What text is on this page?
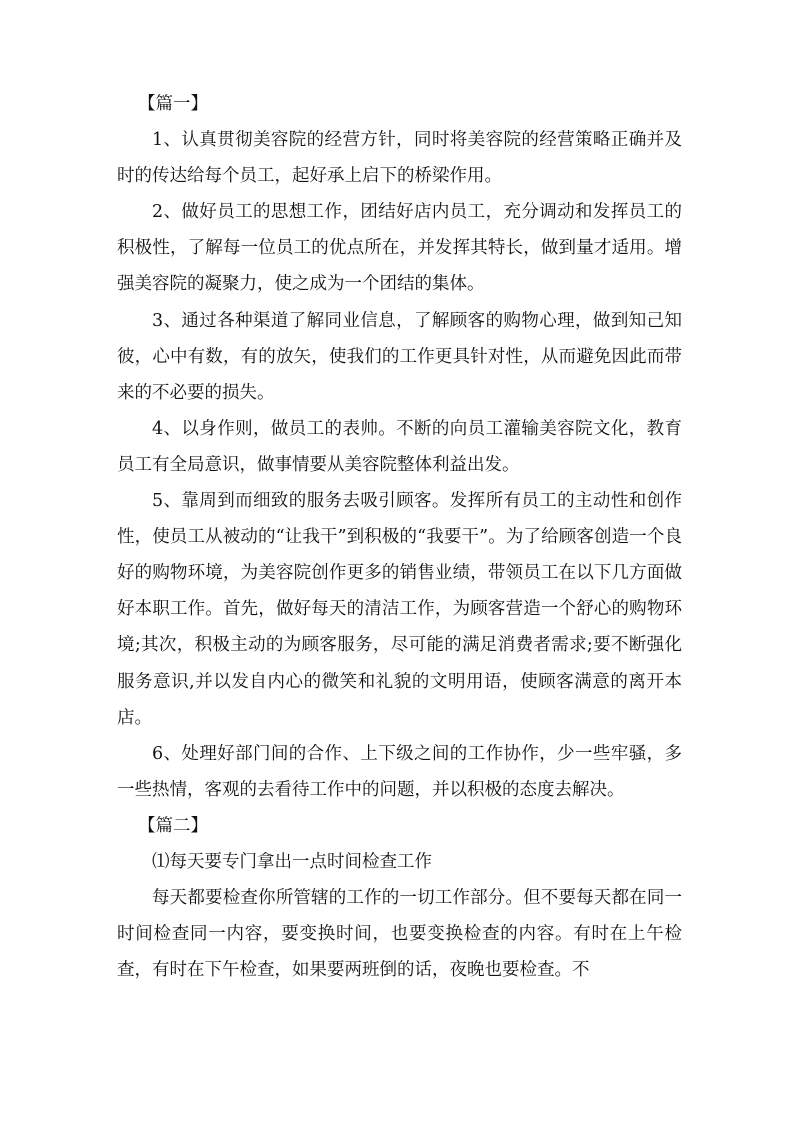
【篇一】

1、认真贯彻美容院的经营方针，同时将美容院的经营策略正确并及时的传达给每个员工，起好承上启下的桥梁作用。

2、做好员工的思想工作，团结好店内员工，充分调动和发挥员工的积极性，了解每一位员工的优点所在，并发挥其特长，做到量才适用。增强美容院的凝聚力，使之成为一个团结的集体。

3、通过各种渠道了解同业信息，了解顾客的购物心理，做到知己知彼，心中有数，有的放矢，使我们的工作更具针对性，从而避免因此而带来的不必要的损失。

4、以身作则，做员工的表帅。不断的向员工灌输美容院文化，教育员工有全局意识，做事情要从美容院整体利益出发。

5、靠周到而细致的服务去吸引顾客。发挥所有员工的主动性和创作性，使员工从被动的“让我干”到积极的“我要干”。为了给顾客创造一个良好的购物环境，为美容院创作更多的销售业绩，带领员工在以下几方面做好本职工作。首先，做好每天的清洁工作，为顾客营造一个舒心的购物环境;其次，积极主动的为顾客服务，尽可能的满足消费者需求;要不断强化服务意识,并以发自内心的微笑和礼貌的文明用语，使顾客满意的离开本店。

6、处理好部门间的合作、上下级之间的工作协作，少一些牢骚，多一些热情，客观的去看待工作中的问题，并以积极的态度去解决。

【篇二】

⑴每天要专门拿出一点时间检查工作

每天都要检查你所管辖的工作的一切工作部分。但不要每天都在同一时间检查同一内容，要变换时间，也要变换检查的内容。有时在上午检查，有时在下午检查，如果要两班倒的话，夜晚也要检查。不
